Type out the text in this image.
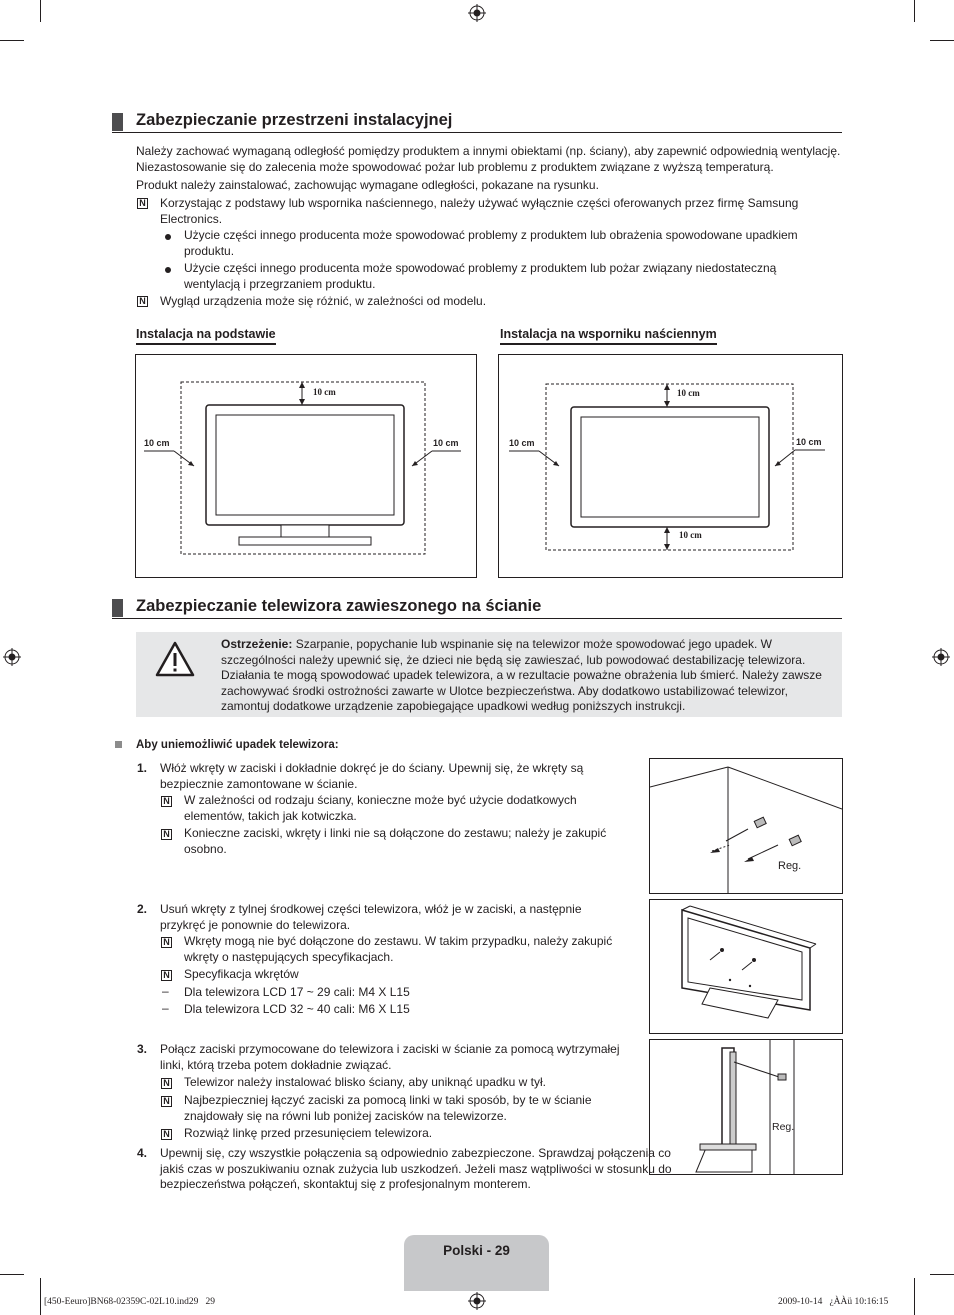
Zabezpieczanie przestrzeni instalacyjnej
Należy zachować wymaganą odległość pomiędzy produktem a innymi obiektami (np. ściany), aby zapewnić odpowiednią wentylację. Niezastosowanie się do zalecenia może spowodować pożar lub problemu z produktem związane z wyższą temperaturą.
Produkt należy zainstalować, zachowując wymagane odległości, pokazane na rysunku.
N Korzystając z podstawy lub wspornika naściennego, należy używać wyłącznie części oferowanych przez firmę Samsung Electronics.
Użycie części innego producenta może spowodować problemy z produktem lub obrażenia spowodowane upadkiem produktu.
Użycie części innego producenta może spowodować problemy z produktem lub pożar związany niedostateczną wentylacją i przegrzaniem produktu.
N Wygląd urządzenia może się różnić, w zależności od modelu.
Instalacja na podstawie	Instalacja na wsporniku naściennym
10 cm
10 cm	10 cm
10 cm
10 cm	10 cm
10 cm
Zabezpieczanie telewizora zawieszonego na ścianie
Ostrzeżenie: Szarpanie, popychanie lub wspinanie się na telewizor może spowodować jego upadek. W szczególności należy upewnić się, że dzieci nie będą się zawieszać, lub powodować destabilizację telewizora. Działania te mogą spowodować upadek telewizora, a w rezultacie poważne obrażenia lub śmierć. Należy zawsze zachowywać środki ostrożności zawarte w Ulotce bezpieczeństwa. Aby dodatkowo ustabilizować telewizor, zamontuj dodatkowe urządzenie zapobiegające upadkowi według poniższych instrukcji.
Aby uniemożliwić upadek telewizora:
1. Włóż wkręty w zaciski i dokładnie dokręć je do ściany. Upewnij się, że wkręty są bezpiecznie zamontowane w ścianie.
N W zależności od rodzaju ściany, konieczne może być użycie dodatkowych elementów, takich jak kotwiczka.
N Konieczne zaciski, wkręty i linki nie są dołączone do zestawu; należy je zakupić osobno.
Reg.
2. Usuń wkręty z tylnej środkowej części telewizora, włóż je w zaciski, a następnie przykręć je ponownie do telewizora.
N Wkręty mogą nie być dołączone do zestawu. W takim przypadku, należy zakupić wkręty o następujących specyfikacjach.
N Specyfikacja wkrętów
– Dla telewizora LCD 17 ~ 29 cali: M4 X L15
– Dla telewizora LCD 32 ~ 40 cali: M6 X L15
3. Połącz zaciski przymocowane do telewizora i zaciski w ścianie za pomocą wytrzymałej linki, którą trzeba potem dokładnie związać.
N Telewizor należy instalować blisko ściany, aby uniknąć upadku w tył.
N Najbezpieczniej łączyć zaciski za pomocą linki w taki sposób, by te w ścianie znajdowały się na równi lub poniżej zacisków na telewizorze.
N Rozwiąż linkę przed przesunięciem telewizora.	Reg.
4. Upewnij się, czy wszystkie połączenia są odpowiednio zabezpieczone. Sprawdzaj połączenia co jakiś czas w poszukiwaniu oznak zużycia lub uszkodzeń. Jeżeli masz wątpliwości w stosunku do bezpieczeństwa połączeń, skontaktuj się z profesjonalnym monterem.
Polski - 29
[450-Eeuro]BN68-02359C-02L10.ind29   29	2009-10-14   ¿ÀÀü 10:16:15
